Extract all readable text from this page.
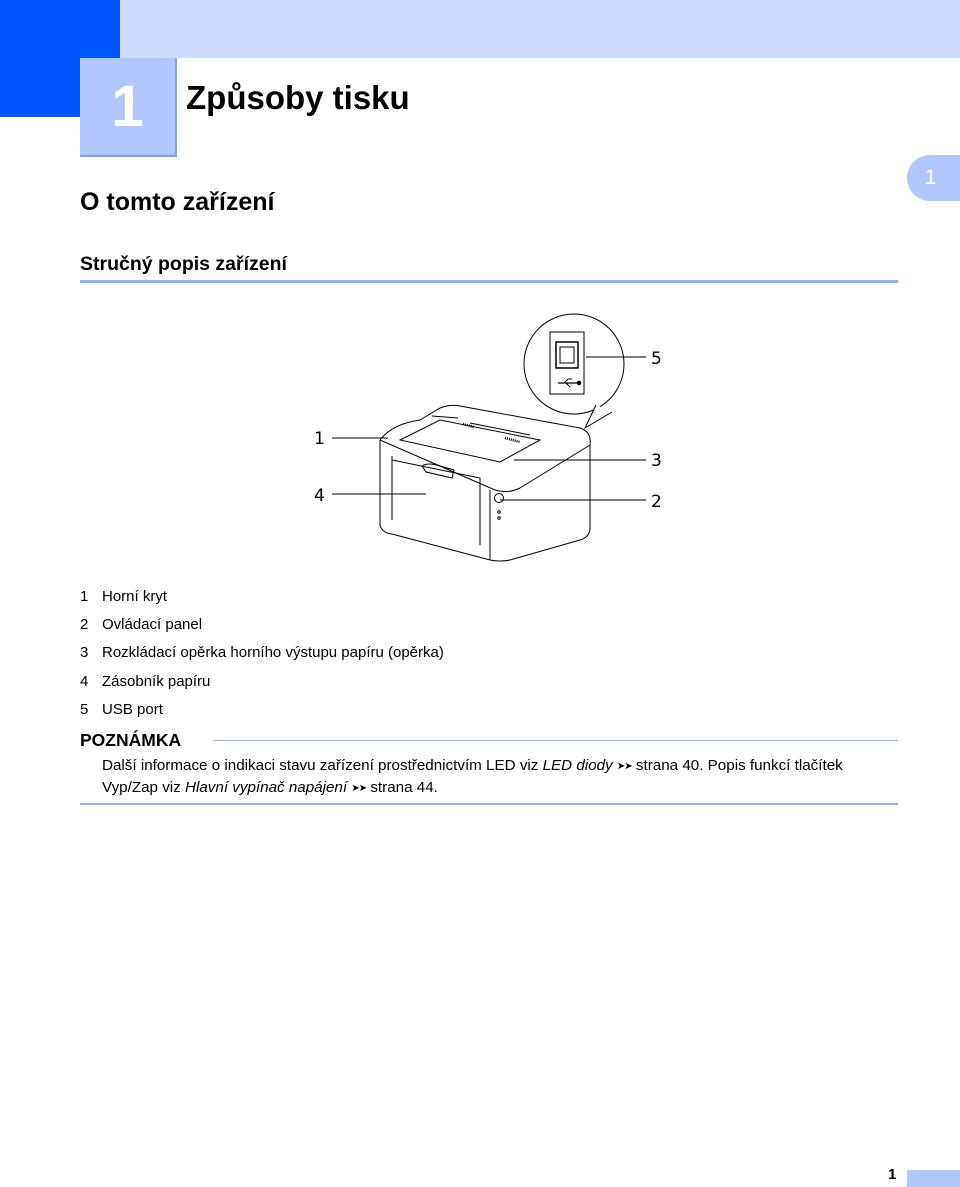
1	Způsoby tisku
1
O tomto zařízení
Stručný popis zařízení
1
4
5
3
2
1 Horní kryt
2 Ovládací panel
3 Rozkládací opěrka horního výstupu papíru (opěrka)
4 Zásobník papíru
5 USB port
POZNÁMKA
Další informace o indikaci stavu zařízení prostřednictvím LED viz LED diody ➤➤ strana 40. Popis funkcí tlačítek Vyp/Zap viz Hlavní vypínač napájení ➤➤ strana 44.
1
